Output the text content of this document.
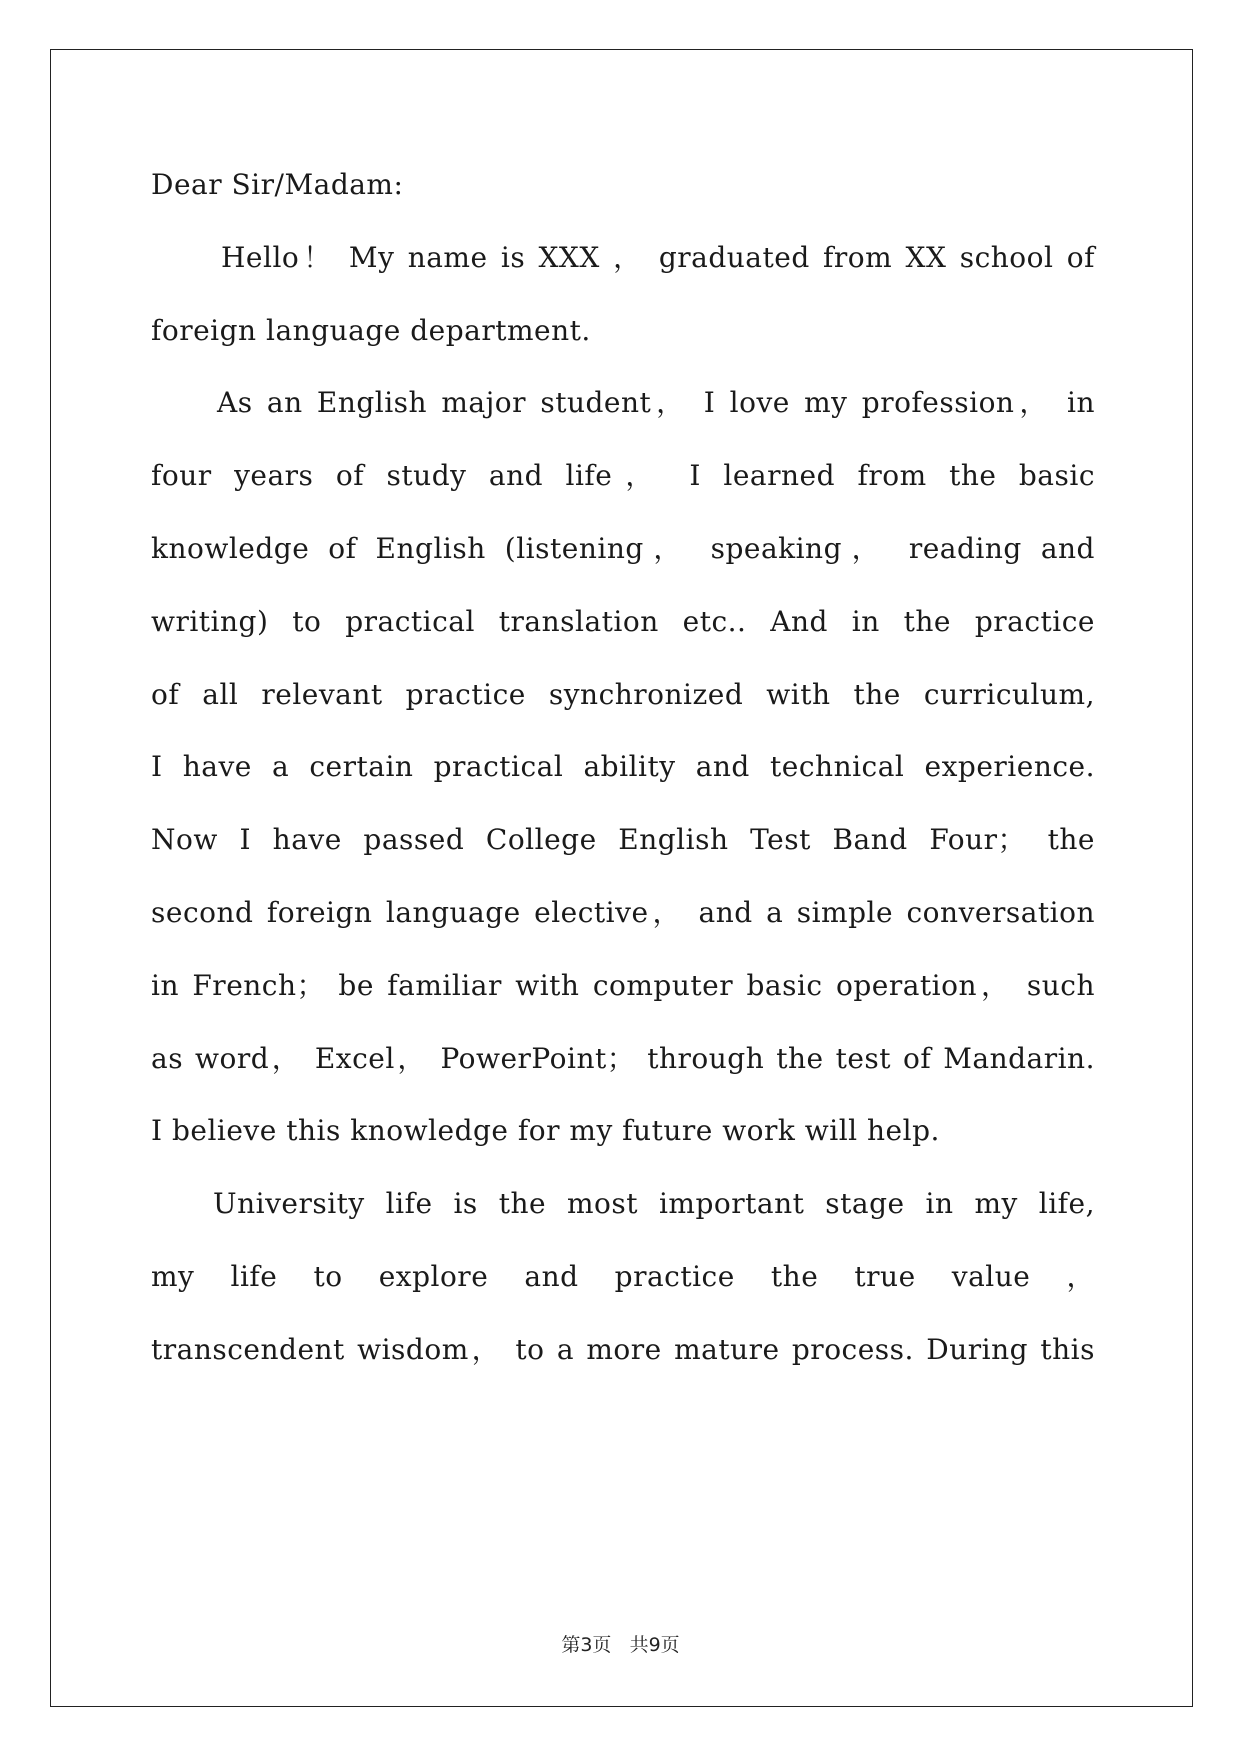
Dear Sir/Madam:
Hello！ My name is XXX ， graduated from XX school of
foreign language department.
As an English major student， I love my profession， in
four years of study and life， I learned from the basic
knowledge of English (listening， speaking， reading and
writing) to practical translation etc.. And in the practice
of all relevant practice synchronized with the curriculum,
I have a certain practical ability and technical experience.
Now I have passed College English Test Band Four； the
second foreign language elective， and a simple conversation
in French； be familiar with computer basic operation， such
as word， Excel， PowerPoint； through the test of Mandarin.
I believe this knowledge for my future work will help.
University life is the most important stage in my life,
my life to explore and practice the true value ，
transcendent wisdom， to a more mature process. During this
第3页 共9页
